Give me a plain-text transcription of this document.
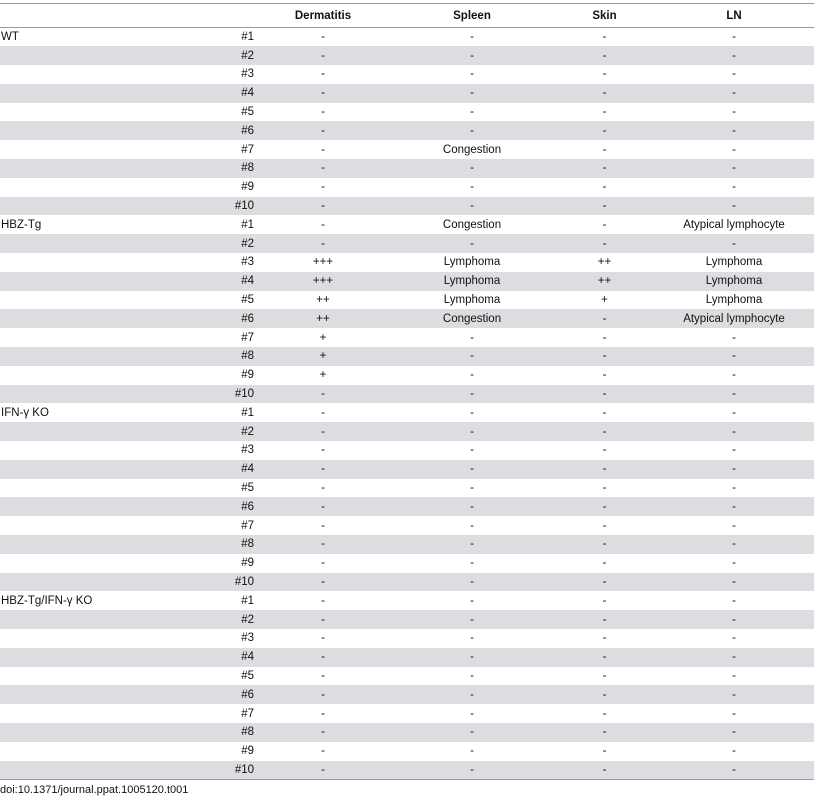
		Dermatitis	Spleen	Skin	LN
WT	#1	-	-	-	-
	#2	-	-	-	-
	#3	-	-	-	-
	#4	-	-	-	-
	#5	-	-	-	-
	#6	-	-	-	-
	#7	-	Congestion	-	-
	#8	-	-	-	-
	#9	-	-	-	-
	#10	-	-	-	-
HBZ-Tg	#1	-	Congestion	-	Atypical lymphocyte
	#2	-	-	-	-
	#3	+++	Lymphoma	++	Lymphoma
	#4	+++	Lymphoma	++	Lymphoma
	#5	++	Lymphoma	+	Lymphoma
	#6	++	Congestion	-	Atypical lymphocyte
	#7	+	-	-	-
	#8	+	-	-	-
	#9	+	-	-	-
	#10	-	-	-	-
IFN-γ KO	#1	-	-	-	-
	#2	-	-	-	-
	#3	-	-	-	-
	#4	-	-	-	-
	#5	-	-	-	-
	#6	-	-	-	-
	#7	-	-	-	-
	#8	-	-	-	-
	#9	-	-	-	-
	#10	-	-	-	-
HBZ-Tg/IFN-γ KO	#1	-	-	-	-
	#2	-	-	-	-
	#3	-	-	-	-
	#4	-	-	-	-
	#5	-	-	-	-
	#6	-	-	-	-
	#7	-	-	-	-
	#8	-	-	-	-
	#9	-	-	-	-
	#10	-	-	-	-
doi:10.1371/journal.ppat.1005120.t001
